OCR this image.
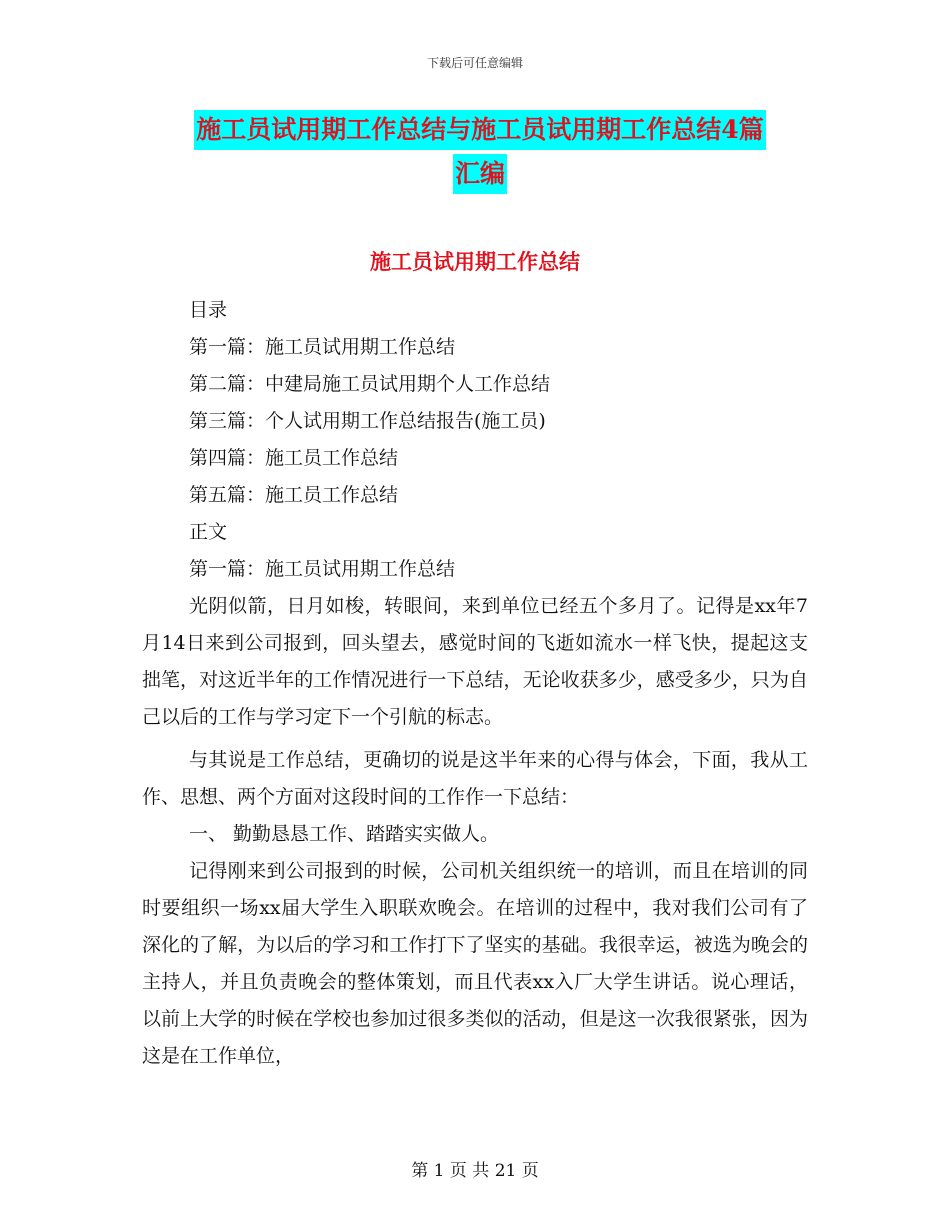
下载后可任意编辑
施工员试用期工作总结与施工员试用期工作总结4篇
汇编
施工员试用期工作总结
目录
第一篇：施工员试用期工作总结
第二篇：中建局施工员试用期个人工作总结
第三篇：个人试用期工作总结报告(施工员)
第四篇：施工员工作总结
第五篇：施工员工作总结
正文
第一篇：施工员试用期工作总结
光阴似箭，日月如梭，转眼间，来到单位已经五个多月了。记得是xx年7月14日来到公司报到，回头望去，感觉时间的飞逝如流水一样飞快，提起这支拙笔，对这近半年的工作情况进行一下总结，无论收获多少，感受多少，只为自己以后的工作与学习定下一个引航的标志。
与其说是工作总结，更确切的说是这半年来的心得与体会，下面，我从工作、思想、两个方面对这段时间的工作作一下总结：
一、 勤勤恳恳工作、踏踏实实做人。
记得刚来到公司报到的时候，公司机关组织统一的培训，而且在培训的同时要组织一场xx届大学生入职联欢晚会。在培训的过程中，我对我们公司有了深化的了解，为以后的学习和工作打下了坚实的基础。我很幸运，被选为晚会的主持人，并且负责晚会的整体策划，而且代表xx入厂大学生讲话。说心理话，以前上大学的时候在学校也参加过很多类似的活动，但是这一次我很紧张，因为这是在工作单位，
第 1 页 共 21 页
